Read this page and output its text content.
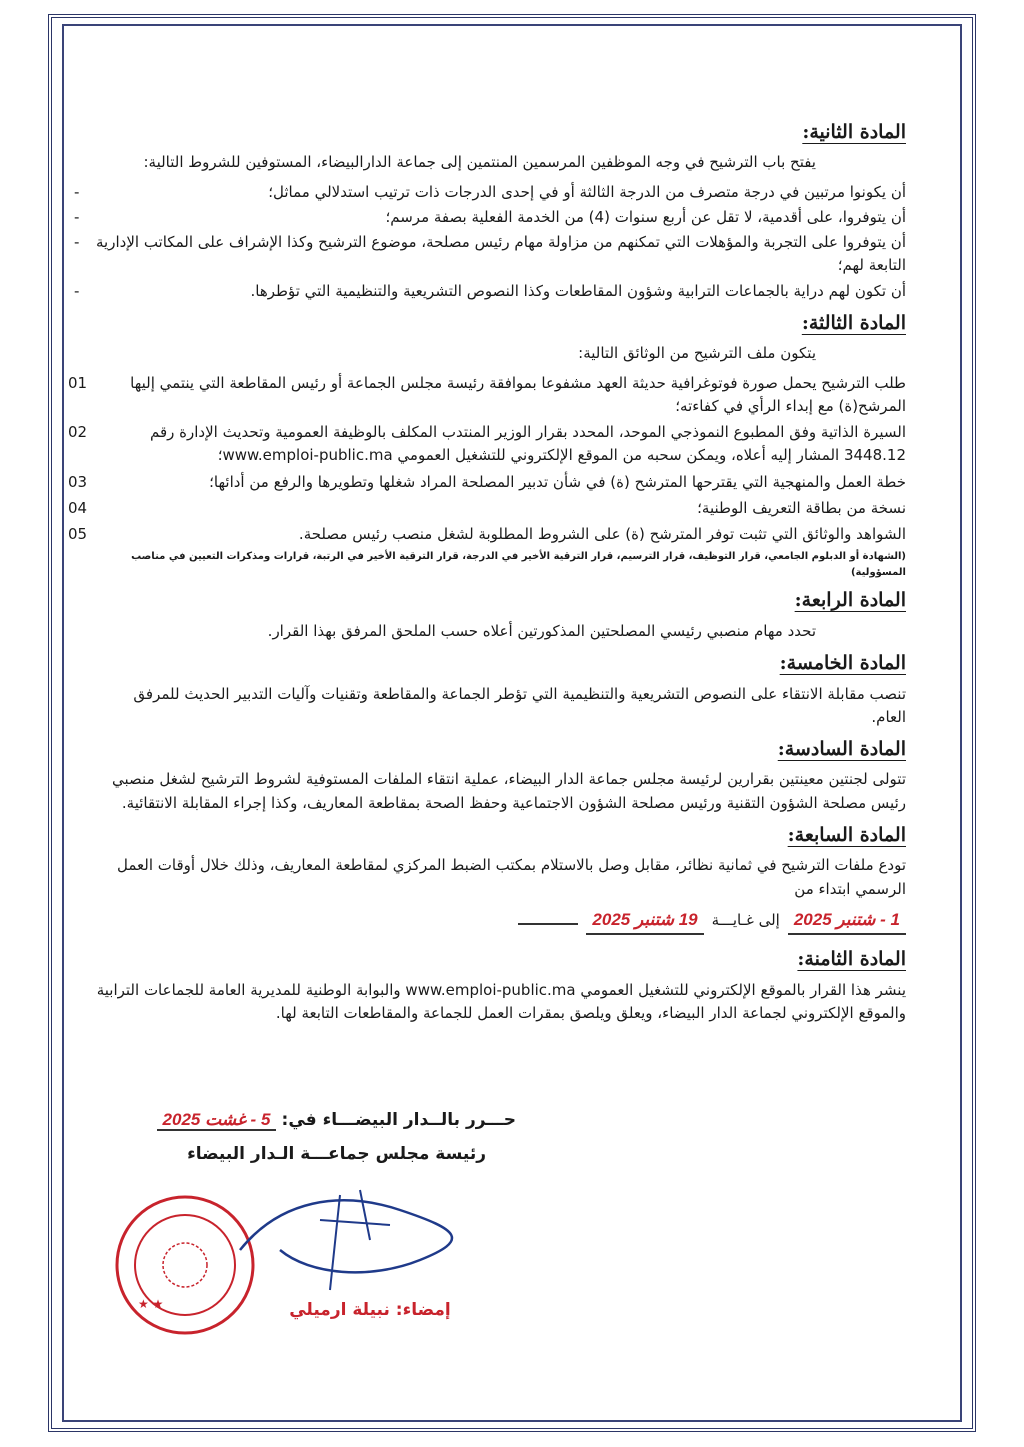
المادة الثانية:
يفتح باب الترشيح في وجه الموظفين المرسمين المنتمين إلى جماعة الدارالبيضاء، المستوفين للشروط التالية:
-	أن يكونوا مرتبين في درجة متصرف من الدرجة الثالثة أو في إحدى الدرجات ذات ترتيب استدلالي مماثل؛
-	أن يتوفروا، على أقدمية، لا تقل عن أربع سنوات (4) من الخدمة الفعلية بصفة مرسم؛
- أن يتوفروا على التجربة والمؤهلات التي تمكنهم من مزاولة مهام رئيس مصلحة، موضوع الترشيح وكذا الإشراف على المكاتب الإدارية التابعة لهم؛
-	أن تكون لهم دراية بالجماعات الترابية وشؤون المقاطعات وكذا النصوص التشريعية والتنظيمية التي تؤطرها.
المادة الثالثة:
يتكون ملف الترشيح من الوثائق التالية:
01	طلب الترشيح يحمل صورة فوتوغرافية حديثة العهد مشفوعا بموافقة رئيسة مجلس الجماعة أو رئيس المقاطعة التي ينتمي إليها المرشح(ة) مع إبداء الرأي في كفاءته؛
02	السيرة الذاتية وفق المطبوع النموذجي الموحد، المحدد بقرار الوزير المنتدب المكلف بالوظيفة العمومية وتحديث الإدارة رقم 3448.12 المشار إليه أعلاه، ويمكن سحبه من الموقع الإلكتروني للتشغيل العمومي www.emploi-public.ma؛
03	خطة العمل والمنهجية التي يقترحها المترشح (ة) في شأن تدبير المصلحة المراد شغلها وتطويرها والرفع من أدائها؛
04	نسخة من بطاقة التعريف الوطنية؛
05	الشواهد والوثائق التي تثبت توفر المترشح (ة) على الشروط المطلوبة لشغل منصب رئيس مصلحة.
(الشهادة أو الدبلوم الجامعي، قرار التوظيف، قرار الترسيم، قرار الترقية الأخير في الدرجة، قرار الترقية الأخير في الرتبة، قرارات ومذكرات التعيين في مناصب المسؤولية)
المادة الرابعة:
تحدد مهام منصبي رئيسي المصلحتين المذكورتين أعلاه حسب الملحق المرفق بهذا القرار.
المادة الخامسة:
تنصب مقابلة الانتقاء على النصوص التشريعية والتنظيمية التي تؤطر الجماعة والمقاطعة وتقنيات وآليات التدبير الحديث للمرفق العام.
المادة السادسة:
تتولى لجنتين معينتين بقرارين لرئيسة مجلس جماعة الدار البيضاء، عملية انتقاء الملفات المستوفية لشروط الترشيح لشغل منصبي رئيس مصلحة الشؤون التقنية ورئيس مصلحة الشؤون الاجتماعية وحفظ الصحة بمقاطعة المعاريف، وكذا إجراء المقابلة الانتقائية.
المادة السابعة:
تودع ملفات الترشيح في ثمانية نظائر، مقابل وصل بالاستلام بمكتب الضبط المركزي لمقاطعة المعاريف، وذلك خلال أوقات العمل الرسمي ابتداء من
1 - شتنبر 2025
إلى غـايـــة
19 شتنبر 2025
المادة الثامنة:
ينشر هذا القرار بالموقع الإلكتروني للتشغيل العمومي www.emploi-public.ma والبوابة الوطنية للمديرية العامة للجماعات الترابية والموقع الإلكتروني لجماعة الدار البيضاء، ويعلق ويلصق بمقرات العمل للجماعة والمقاطعات التابعة لها.
حـــرر بالــدار البيضـــاء في: 5 - غشت 2025
رئيسة مجلس جماعـــة الـدار البيضاء
★ ★	إمضاء: نبيلة ارميلي
